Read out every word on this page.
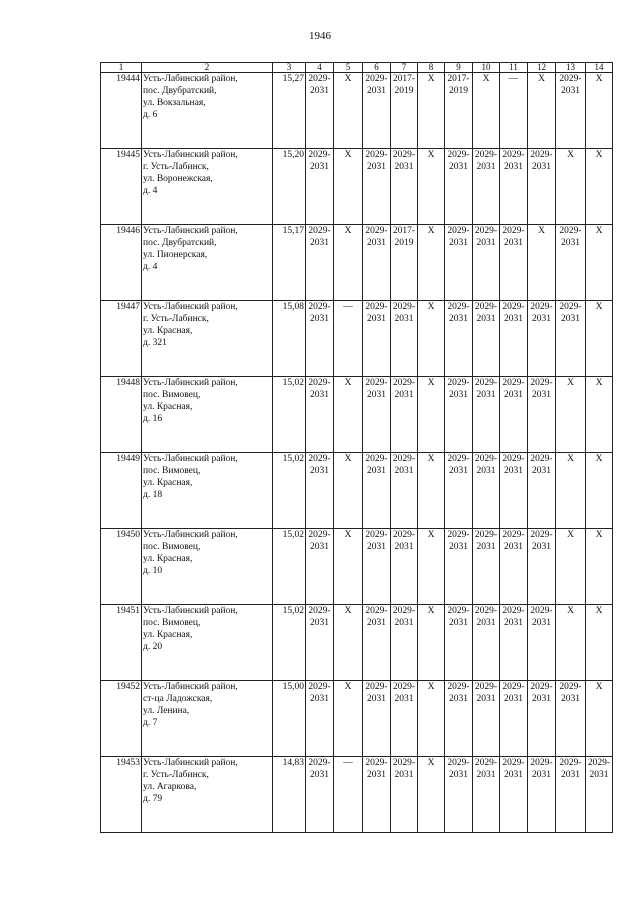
1946
1	2	3	4	5	6	7	8	9	10	11	12	13	14
19444	Усть-Лабинский район,
пос. Двубратский,
ул. Вокзальная,
д. 6	15,27	2029-
2031	X	2029-
2031	2017-
2019	X	2017-
2019	X	—	X	2029-
2031	X

19445	Усть-Лабинский район,
г. Усть-Лабинск,
ул. Воронежская,
д. 4	15,20	2029-
2031	X	2029-
2031	2029-
2031	X	2029-
2031	2029-
2031	2029-
2031	2029-
2031	X	X

19446	Усть-Лабинский район,
пос. Двубратский,
ул. Пионерская,
д. 4	15,17	2029-
2031	X	2029-
2031	2017-
2019	X	2029-
2031	2029-
2031	2029-
2031	X	2029-
2031	X

19447	Усть-Лабинский район,
г. Усть-Лабинск,
ул. Красная,
д. 321	15,08	2029-
2031	—	2029-
2031	2029-
2031	X	2029-
2031	2029-
2031	2029-
2031	2029-
2031	2029-
2031	X

19448	Усть-Лабинский район,
пос. Вимовец,
ул. Красная,
д. 16	15,02	2029-
2031	X	2029-
2031	2029-
2031	X	2029-
2031	2029-
2031	2029-
2031	2029-
2031	X	X

19449	Усть-Лабинский район,
пос. Вимовец,
ул. Красная,
д. 18	15,02	2029-
2031	X	2029-
2031	2029-
2031	X	2029-
2031	2029-
2031	2029-
2031	2029-
2031	X	X

19450	Усть-Лабинский район,
пос. Вимовец,
ул. Красная,
д. 10	15,02	2029-
2031	X	2029-
2031	2029-
2031	X	2029-
2031	2029-
2031	2029-
2031	2029-
2031	X	X

19451	Усть-Лабинский район,
пос. Вимовец,
ул. Красная,
д. 20	15,02	2029-
2031	X	2029-
2031	2029-
2031	X	2029-
2031	2029-
2031	2029-
2031	2029-
2031	X	X

19452	Усть-Лабинский район,
ст-ца Ладожская,
ул. Ленина,
д. 7	15,00	2029-
2031	X	2029-
2031	2029-
2031	X	2029-
2031	2029-
2031	2029-
2031	2029-
2031	2029-
2031	X

19453	Усть-Лабинский район,
г. Усть-Лабинск,
ул. Агаркова,
д. 79	14,83	2029-
2031	—	2029-
2031	2029-
2031	X	2029-
2031	2029-
2031	2029-
2031	2029-
2031	2029-
2031	2029-
2031
